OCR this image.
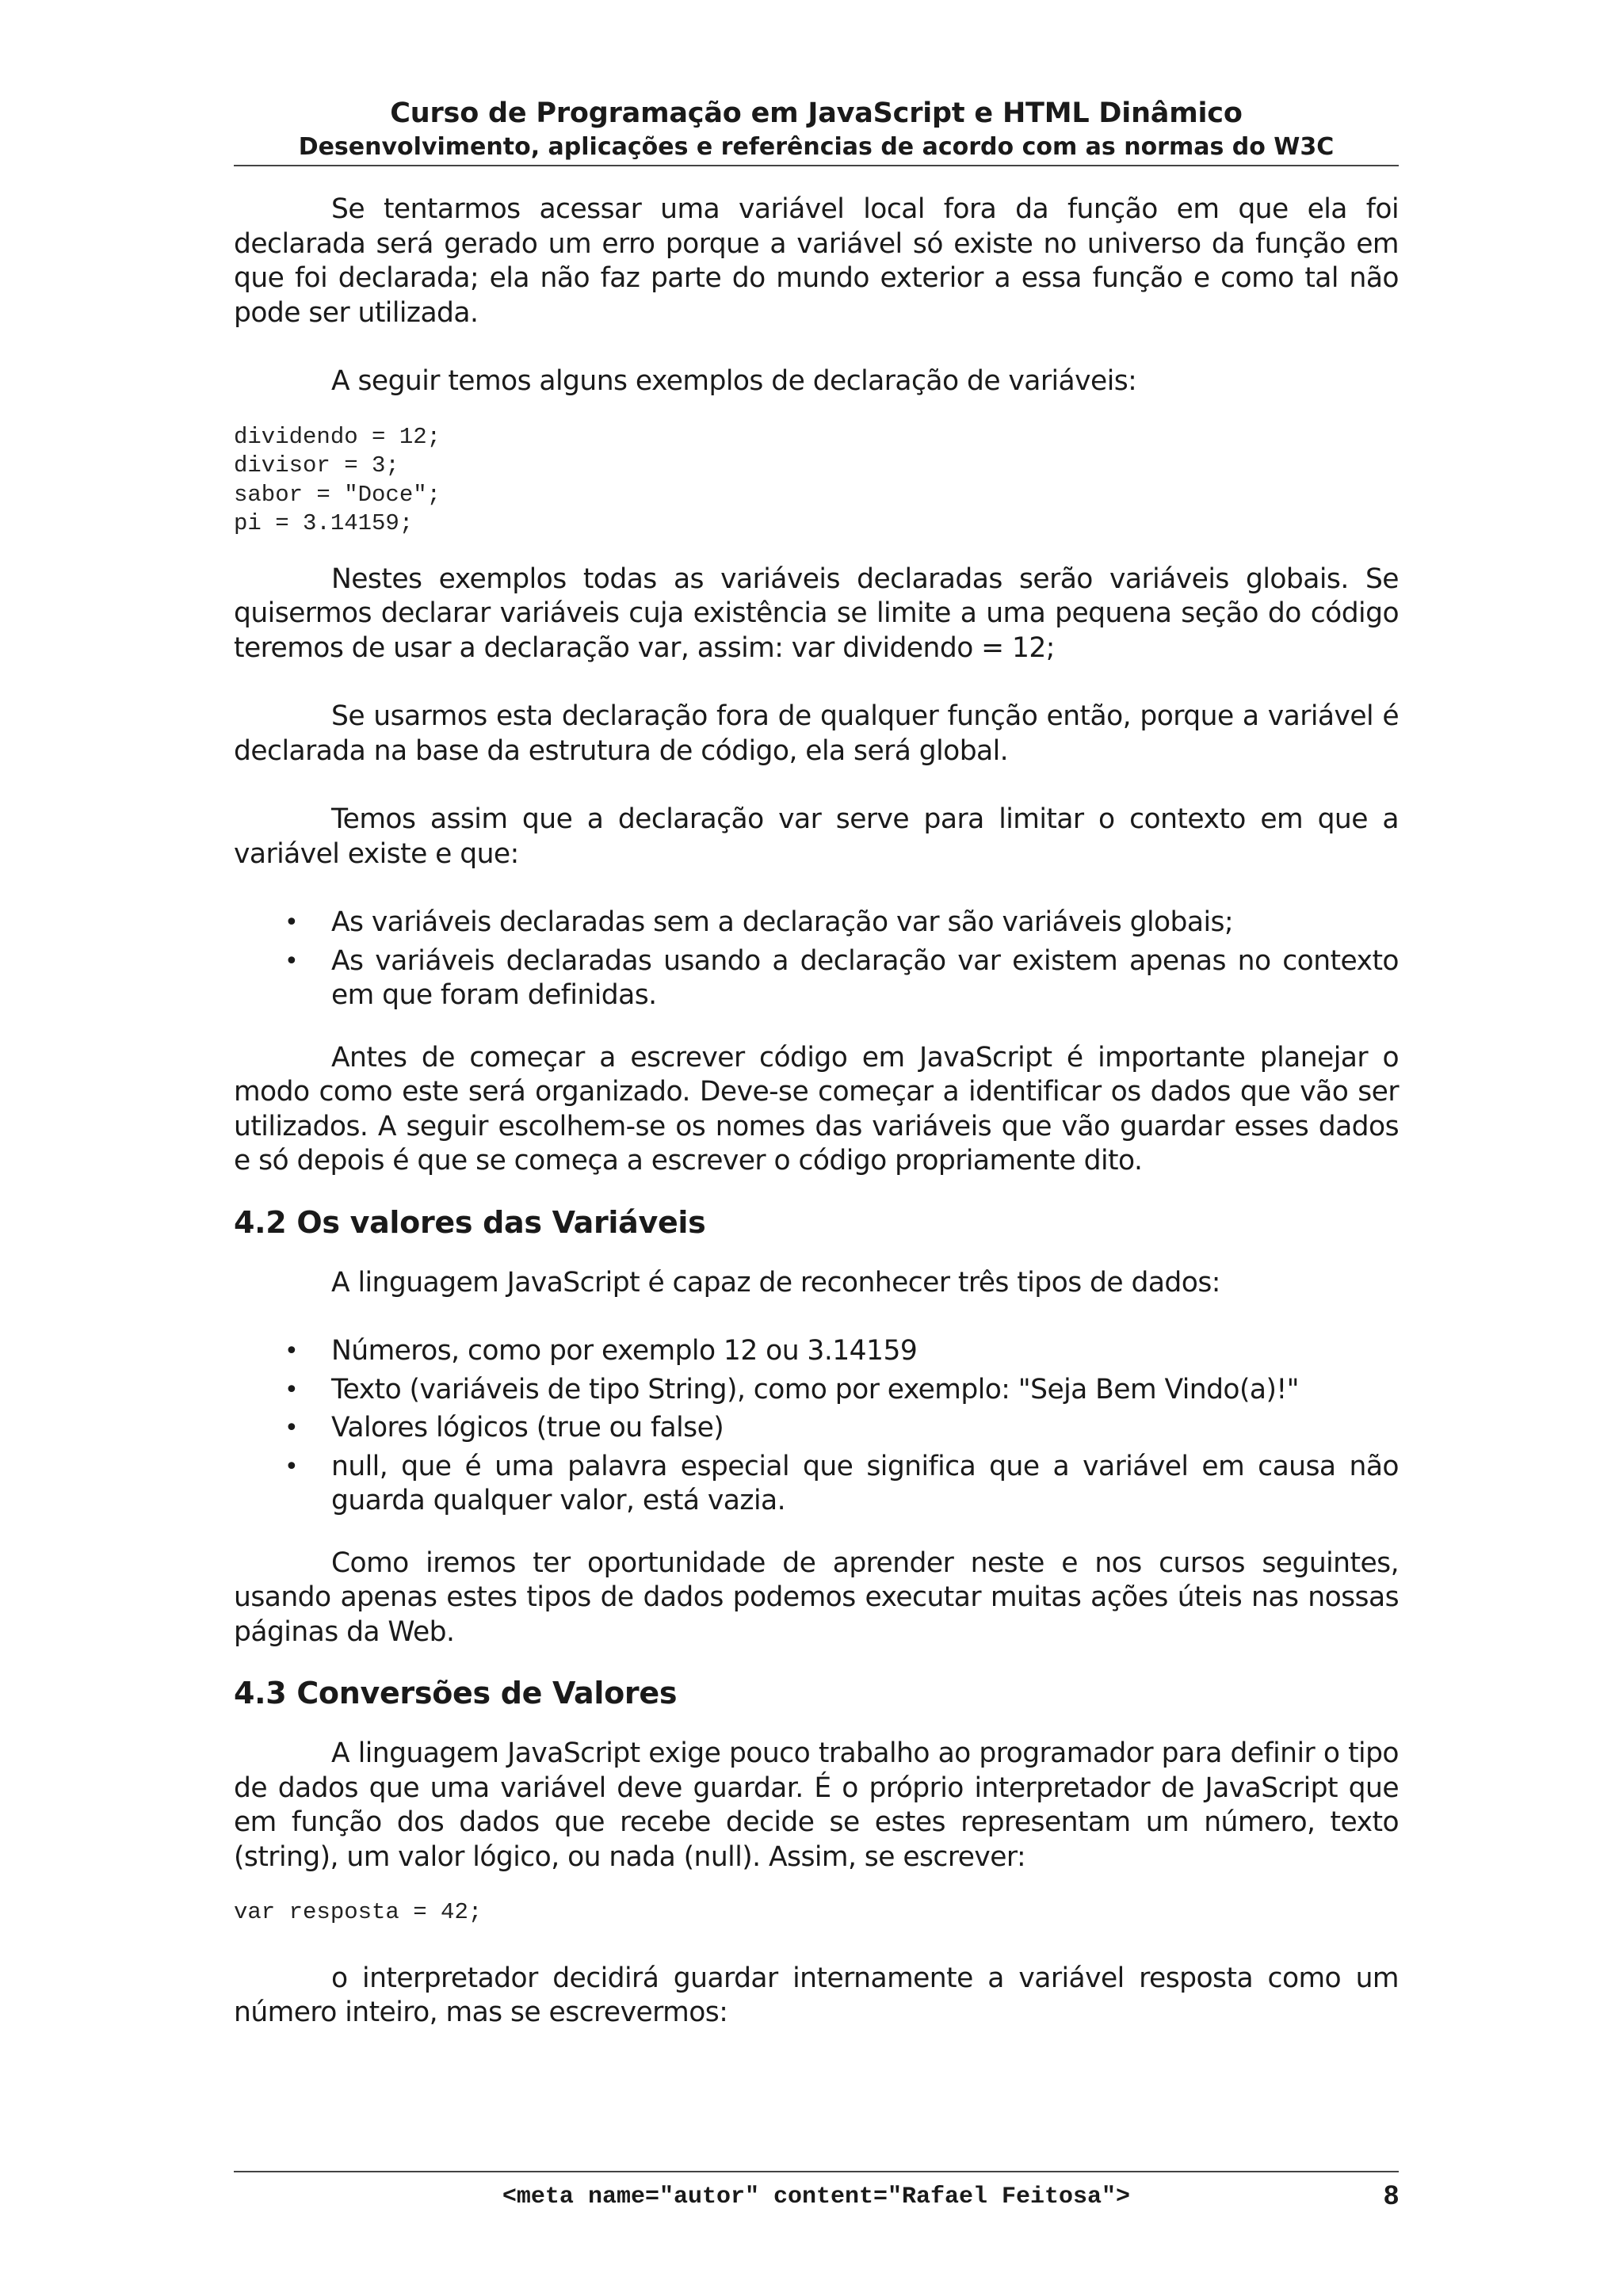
Curso de Programação em JavaScript e HTML Dinâmico
Desenvolvimento, aplicações e referências de acordo com as normas do W3C

Se tentarmos acessar uma variável local fora da função em que ela foi declarada será gerado um erro porque a variável só existe no universo da função em que foi declarada; ela não faz parte do mundo exterior a essa função e como tal não pode ser utilizada.

A seguir temos alguns exemplos de declaração de variáveis:

dividendo = 12;
divisor = 3;
sabor = "Doce";
pi = 3.14159;

Nestes exemplos todas as variáveis declaradas serão variáveis globais. Se quisermos declarar variáveis cuja existência se limite a uma pequena seção do código teremos de usar a declaração var, assim: var dividendo = 12;

Se usarmos esta declaração fora de qualquer função então, porque a variável é declarada na base da estrutura de código, ela será global.

Temos assim que a declaração var serve para limitar o contexto em que a variável existe e que:

•	As variáveis declaradas sem a declaração var são variáveis globais;
•	As variáveis declaradas usando a declaração var existem apenas no contexto em que foram definidas.

Antes de começar a escrever código em JavaScript é importante planejar o modo como este será organizado. Deve-se começar a identificar os dados que vão ser utilizados. A seguir escolhem-se os nomes das variáveis que vão guardar esses dados e só depois é que se começa a escrever o código propriamente dito.

4.2 Os valores das Variáveis

A linguagem JavaScript é capaz de reconhecer três tipos de dados:

•	Números, como por exemplo 12 ou 3.14159
•	Texto (variáveis de tipo String), como por exemplo: "Seja Bem Vindo(a)!"
•	Valores lógicos (true ou false)
•	null, que é uma palavra especial que significa que a variável em causa não guarda qualquer valor, está vazia.

Como iremos ter oportunidade de aprender neste e nos cursos seguintes, usando apenas estes tipos de dados podemos executar muitas ações úteis nas nossas páginas da Web.

4.3 Conversões de Valores

A linguagem JavaScript exige pouco trabalho ao programador para definir o tipo de dados que uma variável deve guardar. É o próprio interpretador de JavaScript que em função dos dados que recebe decide se estes representam um número, texto (string), um valor lógico, ou nada (null). Assim, se escrever:

var resposta = 42;

o interpretador decidirá guardar internamente a variável resposta como um número inteiro, mas se escrevermos:

<meta name="autor" content="Rafael Feitosa">	8
